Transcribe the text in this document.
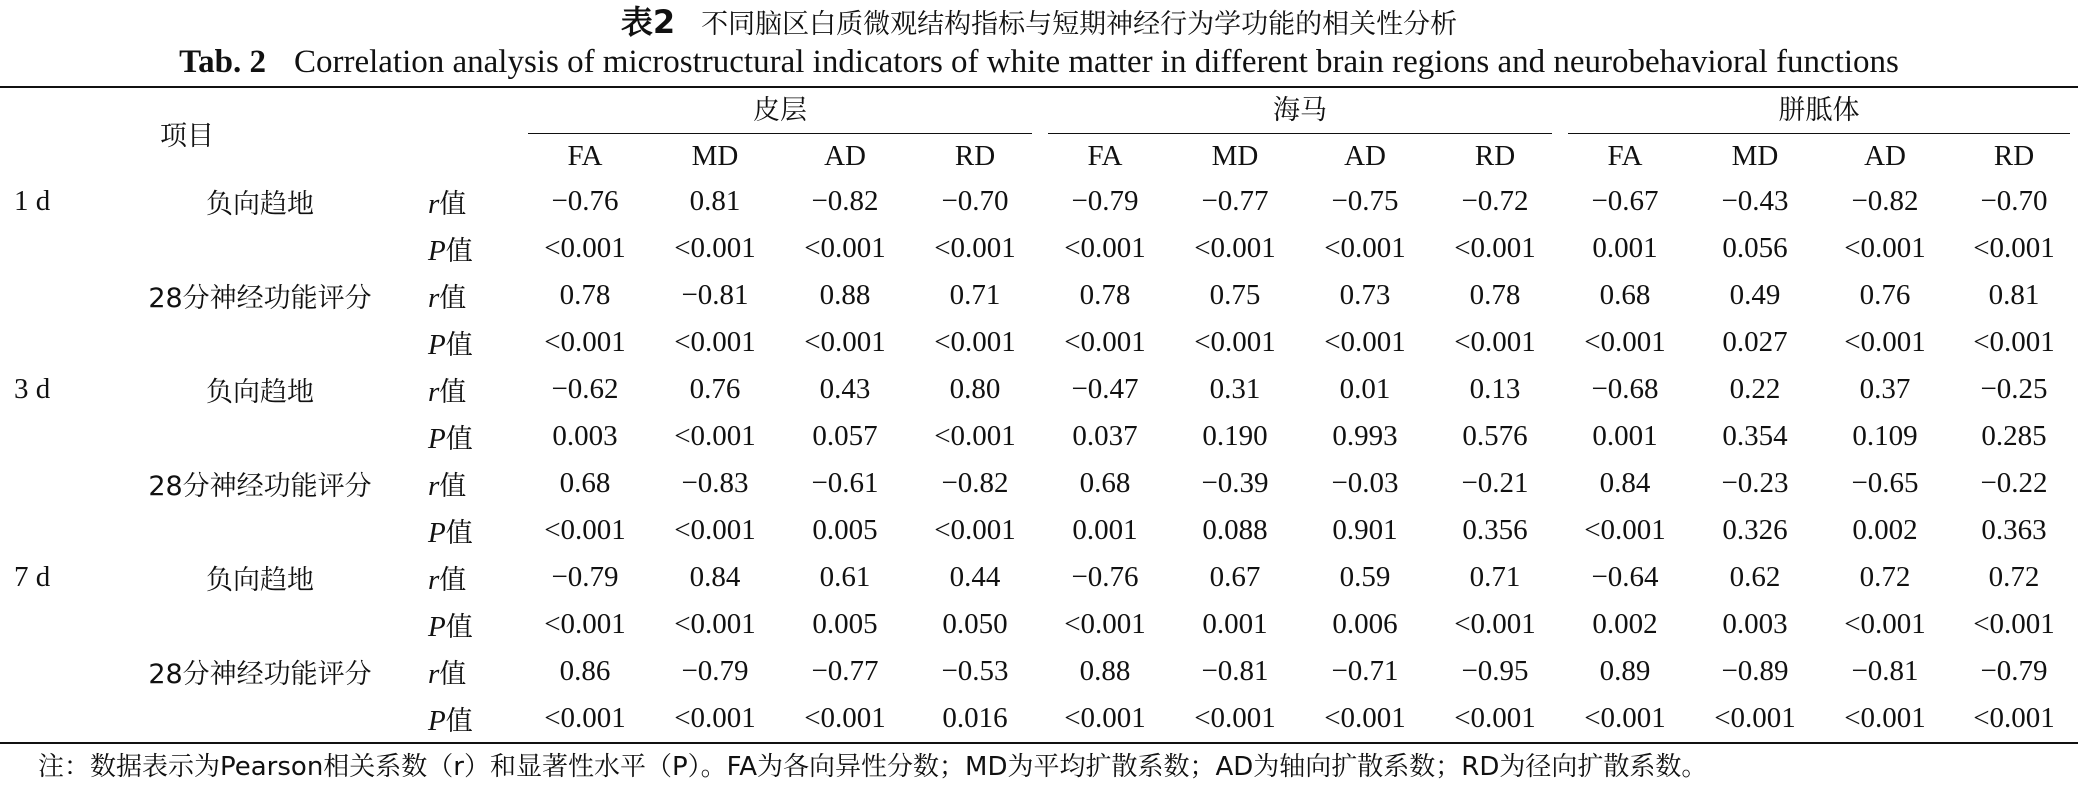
表2 不同脑区白质微观结构指标与短期神经行为学功能的相关性分析
Tab. 2 Correlation analysis of microstructural indicators of white matter in different brain regions and neurobehavioral functions
项目			皮层				海马				胼胝体			

			FA	MD	AD	RD	FA	MD	AD	RD	FA	MD	AD	RD
1 d	负向趋地	r值	−0.76	0.81	−0.82	−0.70	−0.79	−0.77	−0.75	−0.72	−0.67	−0.43	−0.82	−0.70
		P值	<0.001	<0.001	<0.001	<0.001	<0.001	<0.001	<0.001	<0.001	0.001	0.056	<0.001	<0.001
	28分神经功能评分	r值	0.78	−0.81	0.88	0.71	0.78	0.75	0.73	0.78	0.68	0.49	0.76	0.81
		P值	<0.001	<0.001	<0.001	<0.001	<0.001	<0.001	<0.001	<0.001	<0.001	0.027	<0.001	<0.001
3 d	负向趋地	r值	−0.62	0.76	0.43	0.80	−0.47	0.31	0.01	0.13	−0.68	0.22	0.37	−0.25
		P值	0.003	<0.001	0.057	<0.001	0.037	0.190	0.993	0.576	0.001	0.354	0.109	0.285
	28分神经功能评分	r值	0.68	−0.83	−0.61	−0.82	0.68	−0.39	−0.03	−0.21	0.84	−0.23	−0.65	−0.22
		P值	<0.001	<0.001	0.005	<0.001	0.001	0.088	0.901	0.356	<0.001	0.326	0.002	0.363
7 d	负向趋地	r值	−0.79	0.84	0.61	0.44	−0.76	0.67	0.59	0.71	−0.64	0.62	0.72	0.72
		P值	<0.001	<0.001	0.005	0.050	<0.001	0.001	0.006	<0.001	0.002	0.003	<0.001	<0.001
	28分神经功能评分	r值	0.86	−0.79	−0.77	−0.53	0.88	−0.81	−0.71	−0.95	0.89	−0.89	−0.81	−0.79
		P值	<0.001	<0.001	<0.001	0.016	<0.001	<0.001	<0.001	<0.001	<0.001	<0.001	<0.001	<0.001
注：数据表示为Pearson相关系数（r）和显著性水平（P）。FA为各向异性分数；MD为平均扩散系数；AD为轴向扩散系数；RD为径向扩散系数。
